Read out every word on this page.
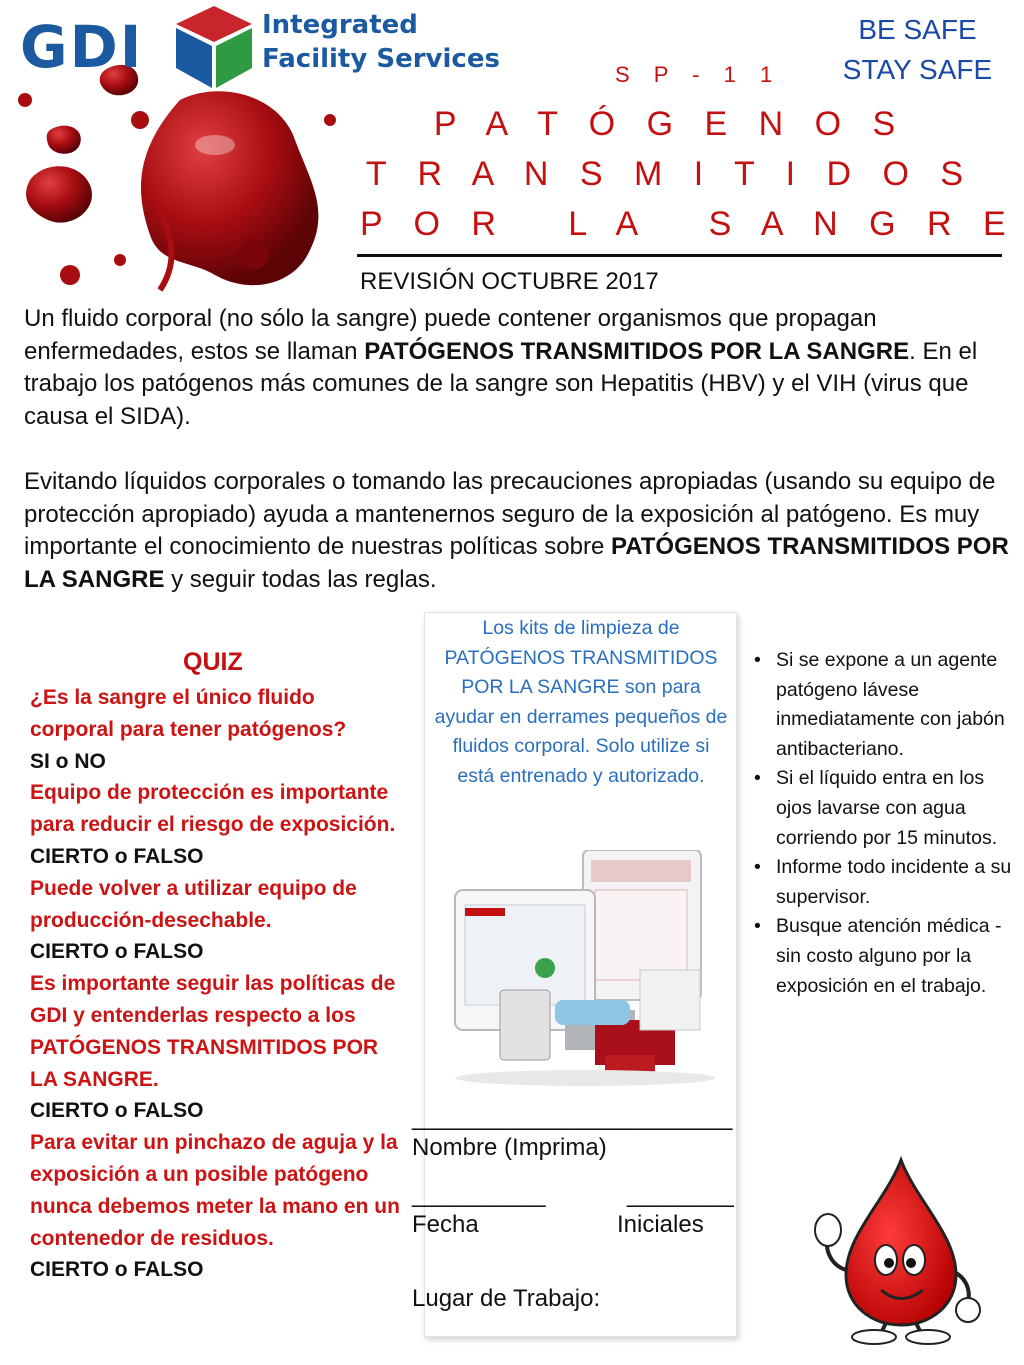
GDI	Integrated
Facility Services
BE SAFE
STAY SAFE
S P - 1 1
P A T Ó G E N O S
T R A N S M I T I D O S
P O R   L A   S A N G R E
REVISIÓN OCTUBRE 2017

Un fluido corporal (no sólo la sangre) puede contener organismos que propagan enfermedades, estos se llaman PATÓGENOS TRANSMITIDOS POR LA SANGRE. En el trabajo los patógenos más comunes de la sangre son Hepatitis (HBV) y el VIH (virus que causa el SIDA).

Evitando líquidos corporales o tomando las precauciones apropiadas (usando su equipo de protección apropiado) ayuda a mantenernos seguro de la exposición al patógeno. Es muy importante el conocimiento de nuestras políticas sobre PATÓGENOS TRANSMITIDOS POR LA SANGRE y seguir todas las reglas.

QUIZ
¿Es la sangre el único fluido corporal para tener patógenos?
SI o NO
Equipo de protección es importante para reducir el riesgo de exposición.
CIERTO o FALSO
Puede volver a utilizar equipo de producción-desechable.
CIERTO o FALSO
Es importante seguir las políticas de GDI y entenderlas respecto a los PATÓGENOS TRANSMITIDOS POR LA SANGRE.
CIERTO o FALSO
Para evitar un pinchazo de aguja y la exposición a un posible patógeno nunca debemos meter la mano en un contenedor de residuos.
CIERTO o FALSO
Los kits de limpieza de PATÓGENOS TRANSMITIDOS POR LA SANGRE son para ayudar en derrames pequeños de fluidos corporal. Solo utilize si está entrenado y autorizado.
• Si se expone a un agente patógeno lávese inmediatamente con jabón antibacteriano.
• Si el líquido entra en los ojos lavarse con agua corriendo por 15 minutos.
• Informe todo incidente a su supervisor.
• Busque atención médica - sin costo alguno por la exposición en el trabajo.
________________________
Nombre (Imprima)
__________	________
Fecha	Iniciales
Lugar de Trabajo:
